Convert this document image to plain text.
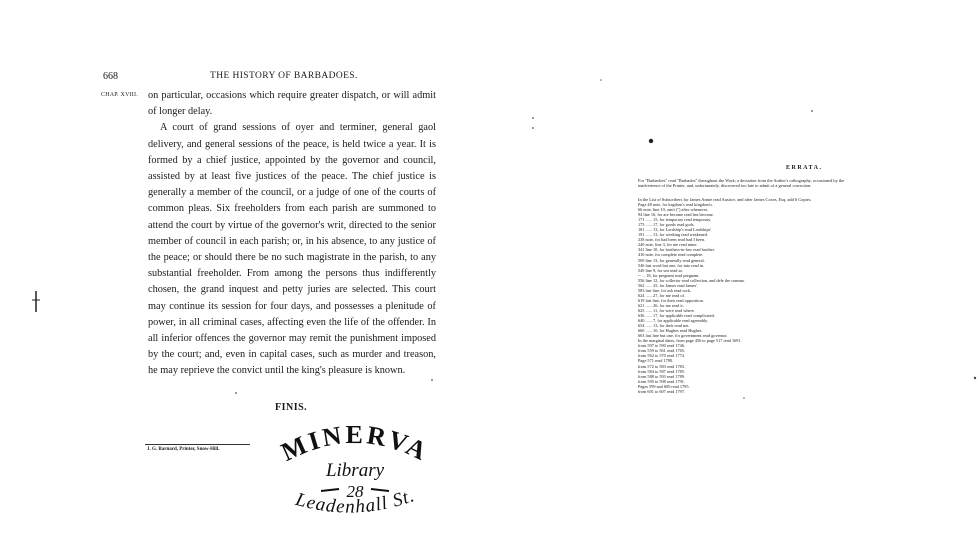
668	THE HISTORY OF BARBADOES.
CHAP. XVIII. on particular, occasions which require greater dispatch, or will admit of longer delay.

A court of grand sessions of oyer and terminer, general gaol delivery, and general sessions of the peace, is held twice a year. It is formed by a chief justice, appointed by the governor and council, assisted by at least five justices of the peace. The chief justice is generally a member of the council, or a judge of one of the courts of common pleas. Six freeholders from each parish are summoned to attend the court by virtue of the governor's writ, directed to the senior member of council in each parish; or, in his absence, to any justice of the peace; or should there be no such magistrate in the parish, to any substantial freeholder. From among the persons thus indifferently chosen, the grand inquest and petty juries are selected. This court may continue its session for four days, and possesses a plenitude of power, in all criminal cases, affecting even the life of the offender. In all inferior offences the governor may remit the punishment imposed by the court; and, even in capital cases, such as murder and treason, he may reprieve the convict until the king's pleasure is known.

FINIS.
J. G. Barnard, Printer, Snow-Hill. MINERVA
Library
28
Leadenhall St.
ERRATA.

For "Barbadoes" read "Barbados" throughout the Work; a deviation from the Author's orthography, occasioned by the inadvertence of the Printer, and, unfortunately, discovered too late to admit of a general correction.

In the List of Subscribers for James Annie read Austice, and after James Coxes, Esq. add 6 Copies.

Page 48 note, for kagdom's read kingdom's.
66 note, line 10, omit (") after whenever.
94 line 16, for are become read has become.
171 ...... 15, for temporary read temporary.
175 ...... 17, for goods read gods.
181 ...... 13, for Lordship's read Lordships'.
191 ...... 13, for weeking read weakened.
238 note, for had been read had I been.
240 note, line 3, for me read mine.
341 line 10, for brothers-in-law read brother.
410 note, for complete read complete.
509 line 13, for generally read general.
546 last word but one, for into read in.
549 line 9, for sea read so.
-- ... 18, for pregnant read pregnant.
556 line 12, for collector read collection, and dele the comma.
562 ...... 25, for James read James'.
583 last line, for ask read rock.
624 ...... 27, for me read of.
619 last line, for their read opposition.
621 ...... 26, for me read it.
625 ...... 11, for were read where.
636 ...... 17, for applicable read complicated.
640 ...... 7, for applicable read agreeably.
654 ...... 13, for their read not.
660 ...... 10, for Hughes read Hughes.
663 last line but one, for government read governor.
In the marginal dates, from page 456 to page 517 read 1691.
from 597 to 590 read 1746.
from 559 to 561 read 1765.
from 562 to 570 read 1774.
Page 571 read 1780.
from 572 to 583 read 1783.
from 584 to 587 read 1785.
from 588 to 593 read 1789.
from 595 to 598 read 1791.
Pages 599 and 600 read 1795.
from 601 to 607 read 1797.
